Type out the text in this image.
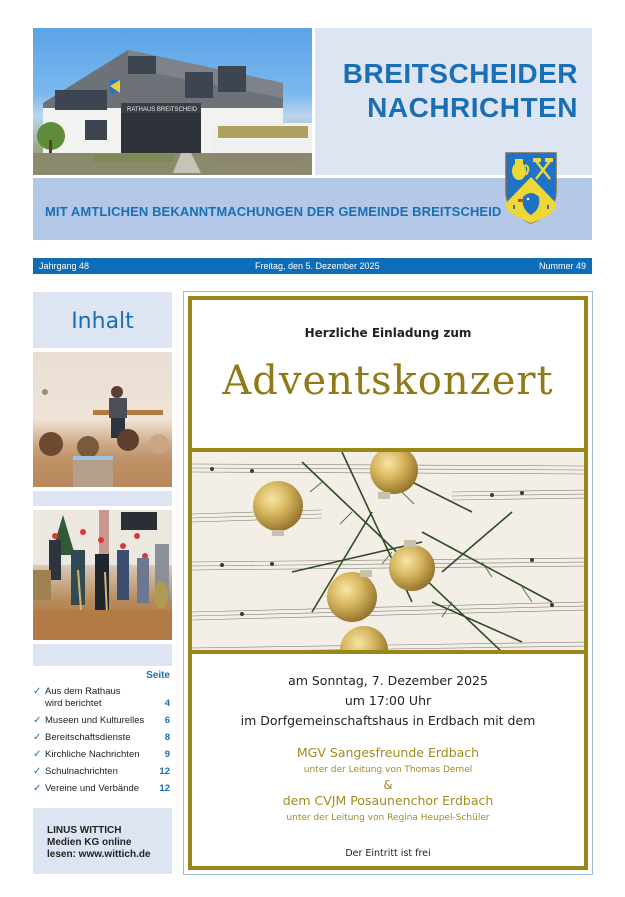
RATHAUS BREITSCHEID
BREITSCHEIDER
NACHRICHTEN
MIT AMTLICHEN BEKANNTMACHUNGEN DER GEMEINDE BREITSCHEID
Jahrgang 48	Freitag, den 5. Dezember 2025	Nummer 49
Inhalt
Seite
✓ Aus dem Rathaus
wird berichtet	4
✓ Museen und Kulturelles	6
✓ Bereitschaftsdienste	8
✓ Kirchliche Nachrichten	9
✓ Schulnachrichten	12
✓ Vereine und Verbände	12
LINUS WITTICH
Medien KG online
lesen: www.wittich.de
Herzliche Einladung zum
Adventskonzert
am Sonntag, 7. Dezember 2025
um 17:00 Uhr
im Dorfgemeinschaftshaus in Erdbach mit dem
MGV Sangesfreunde Erdbach
unter der Leitung von Thomas Demel
&
dem CVJM Posaunenchor Erdbach
unter der Leitung von Regina Heupel-Schüler
Der Eintritt ist frei
